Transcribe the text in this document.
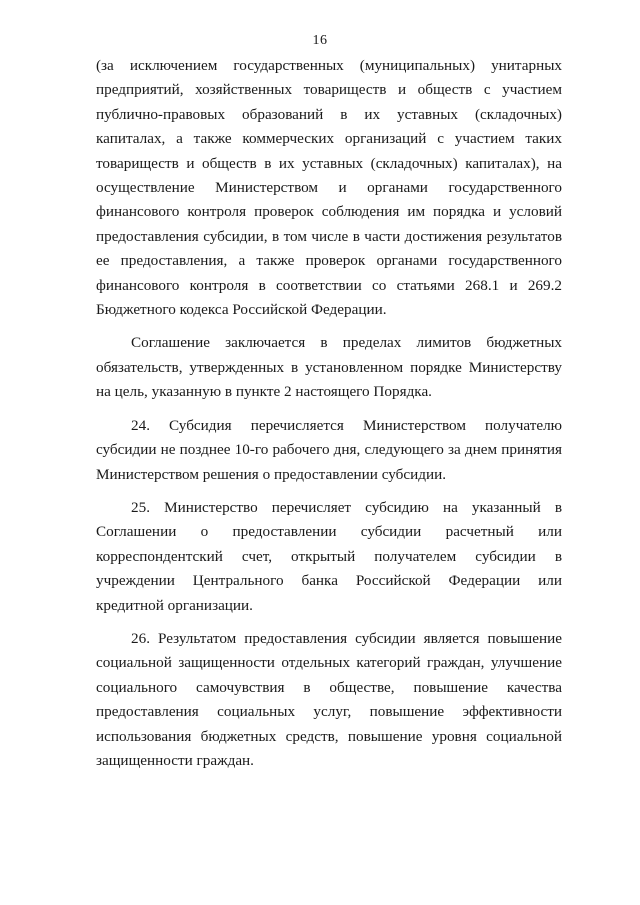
16

(за исключением государственных (муниципальных) унитарных предприятий, хозяйственных товариществ и обществ с участием публично-правовых образований в их уставных (складочных) капиталах, а также коммерческих организаций с участием таких товариществ и обществ в их уставных (складочных) капиталах), на осуществление Министерством и органами государственного финансового контроля проверок соблюдения им порядка и условий предоставления субсидии, в том числе в части достижения результатов ее предоставления, а также проверок органами государственного финансового контроля в соответствии со статьями 268.1 и 269.2 Бюджетного кодекса Российской Федерации.

Соглашение заключается в пределах лимитов бюджетных обязательств, утвержденных в установленном порядке Министерству на цель, указанную в пункте 2 настоящего Порядка.

24. Субсидия перечисляется Министерством получателю субсидии не позднее 10-го рабочего дня, следующего за днем принятия Министерством решения о предоставлении субсидии.

25. Министерство перечисляет субсидию на указанный в Соглашении о предоставлении субсидии расчетный или корреспондентский счет, открытый получателем субсидии в учреждении Центрального банка Российской Федерации или кредитной организации.

26. Результатом предоставления субсидии является повышение социальной защищенности отдельных категорий граждан, улучшение социального самочувствия в обществе, повышение качества предоставления социальных услуг, повышение эффективности использования бюджетных средств, повышение уровня социальной защищенности граждан.
